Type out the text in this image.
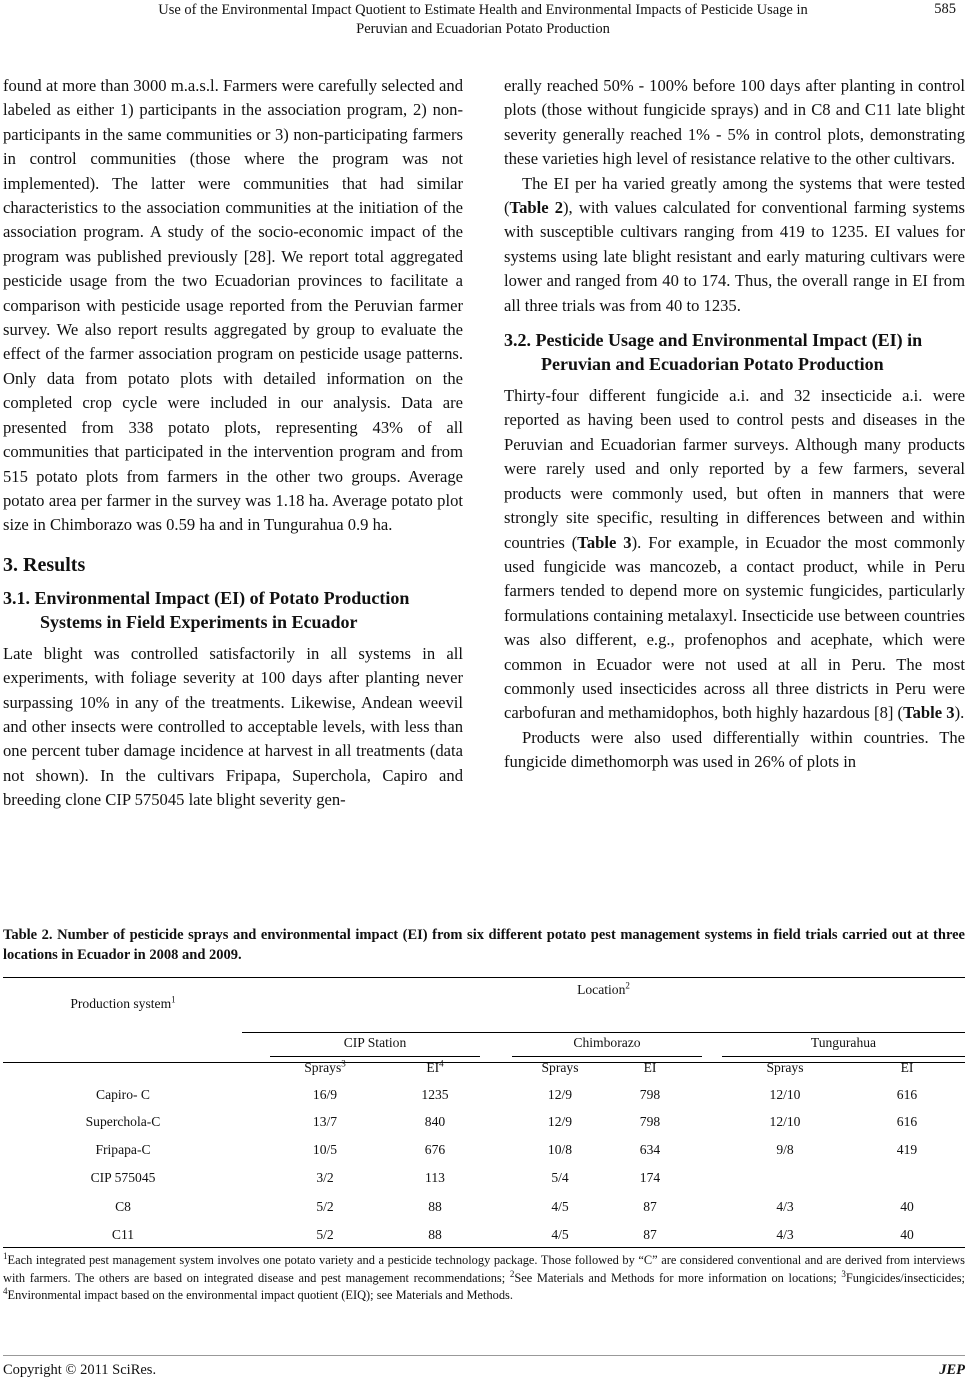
Use of the Environmental Impact Quotient to Estimate Health and Environmental Impacts of Pesticide Usage in
Peruvian and Ecuadorian Potato Production
585

found at more than 3000 m.a.s.l. Farmers were carefully selected and labeled as either 1) participants in the association program, 2) non-participants in the same communities or 3) non-participating farmers in control communities (those where the program was not implemented). The latter were communities that had similar characteristics to the association communities at the initiation of the association program. A study of the socio-economic impact of the program was published previously [28]. We report total aggregated pesticide usage from the two Ecuadorian provinces to facilitate a comparison with pesticide usage reported from the Peruvian farmer survey. We also report results aggregated by group to evaluate the effect of the farmer association program on pesticide usage patterns. Only data from potato plots with detailed information on the completed crop cycle were included in our analysis. Data are presented from 338 potato plots, representing 43% of all communities that participated in the intervention program and from 515 potato plots from farmers in the other two groups. Average potato area per farmer in the survey was 1.18 ha. Average potato plot size in Chimborazo was 0.59 ha and in Tungurahua 0.9 ha.

3. Results
3.1. Environmental Impact (EI) of Potato Production Systems in Field Experiments in Ecuador

Late blight was controlled satisfactorily in all systems in all experiments, with foliage severity at 100 days after planting never surpassing 10% in any of the treatments. Likewise, Andean weevil and other insects were controlled to acceptable levels, with less than one percent tuber damage incidence at harvest in all treatments (data not shown). In the cultivars Fripapa, Superchola, Capiro and breeding clone CIP 575045 late blight severity gen-

erally reached 50% - 100% before 100 days after planting in control plots (those without fungicide sprays) and in C8 and C11 late blight severity generally reached 1% - 5% in control plots, demonstrating these varieties high level of resistance relative to the other cultivars.

The EI per ha varied greatly among the systems that were tested (Table 2), with values calculated for conventional farming systems with susceptible cultivars ranging from 419 to 1235. EI values for systems using late blight resistant and early maturing cultivars were lower and ranged from 40 to 174. Thus, the overall range in EI from all three trials was from 40 to 1235.

3.2. Pesticide Usage and Environmental Impact (EI) in Peruvian and Ecuadorian Potato Production

Thirty-four different fungicide a.i. and 32 insecticide a.i. were reported as having been used to control pests and diseases in the Peruvian and Ecuadorian farmer surveys. Although many products were rarely used and only reported by a few farmers, several products were commonly used, but often in manners that were strongly site specific, resulting in differences between and within countries (Table 3). For example, in Ecuador the most commonly used fungicide was mancozeb, a contact product, while in Peru farmers tended to depend more on systemic fungicides, particularly formulations containing metalaxyl. Insecticide use between countries was also different, e.g., profenophos and acephate, which were common in Ecuador were not used at all in Peru. The most commonly used insecticides across all three districts in Peru were carbofuran and methamidophos, both highly hazardous [8] (Table 3).

Products were also used differentially within countries. The fungicide dimethomorph was used in 26% of plots in

Table 2. Number of pesticide sprays and environmental impact (EI) from six different potato pest management systems in field trials carried out at three locations in Ecuador in 2008 and 2009.
Location$^2$
Production system$^1$
CIP Station	Chimborazo	Tungurahua
Sprays$^3$	$EI^4$	Sprays	EI	Sprays	EI
Capiro- C	16/9	1235	12/9	798	12/10	616
Superchola-C	13/7	840	12/9	798	12/10	616
Fripapa-C	10/5	676	10/8	634	9/8	419
CIP 575045	3/2	113	5/4	174
C8	5/2	88	4/5	87	4/3	40
C11	5/2	88	4/5	87	4/3	40
$^1$Each integrated pest management system involves one potato variety and a pesticide technology package. Those followed by “C” are considered conventional and are derived from interviews with farmers. The others are based on integrated disease and pest management recommendations; $^2$See Materials and Methods for more information on locations; $^3$Fungicides/insecticides; $^4$Environmental impact based on the environmental impact quotient (EIQ); see Materials and Methods.
Copyright © 2011 SciRes.	JEP
